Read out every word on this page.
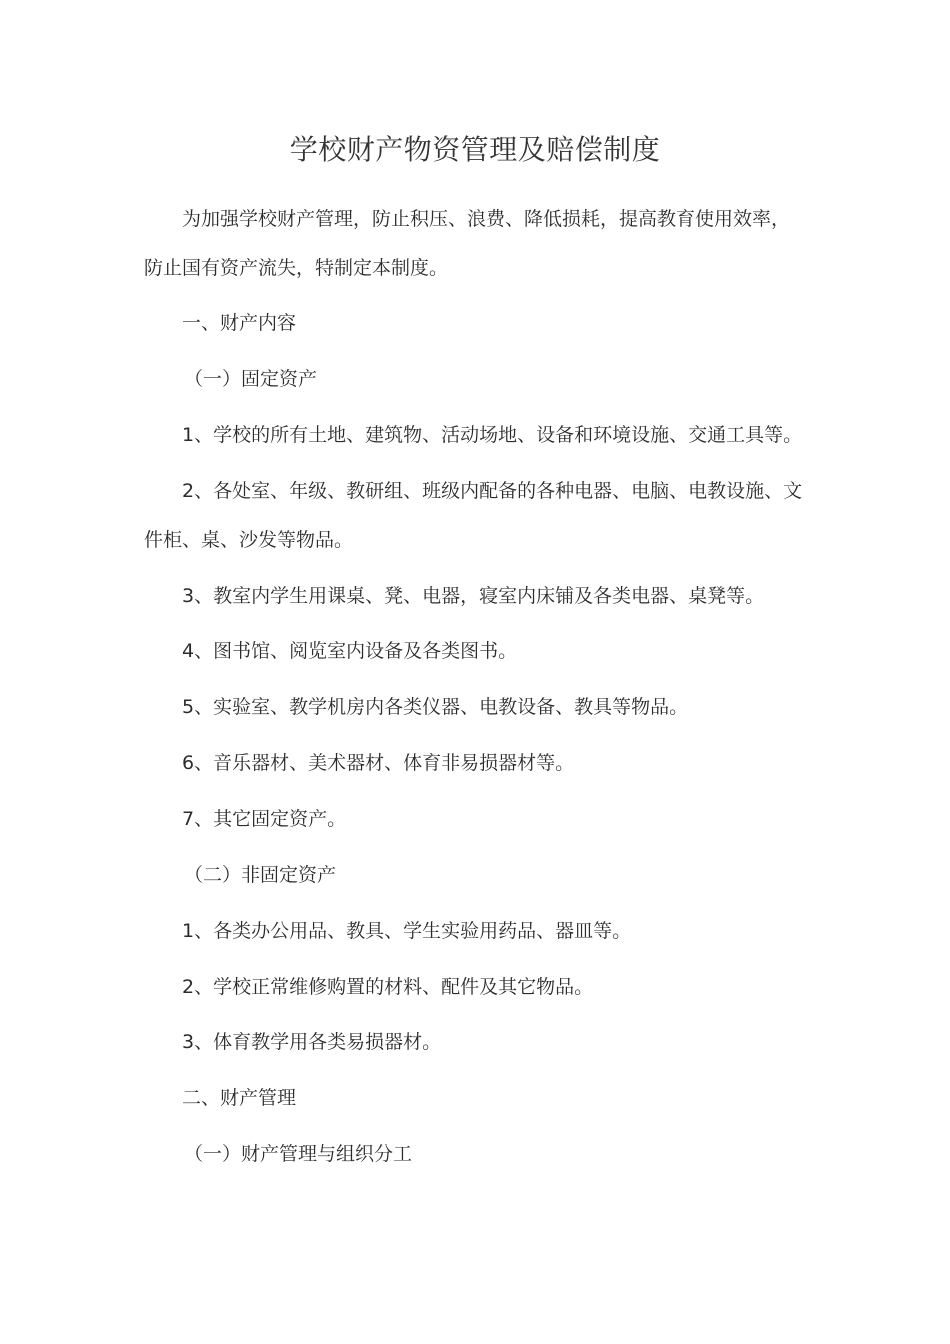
学校财产物资管理及赔偿制度
为加强学校财产管理，防止积压、浪费、降低损耗，提高教育使用效率，
防止国有资产流失，特制定本制度。
一、财产内容
（一）固定资产
1、学校的所有土地、建筑物、活动场地、设备和环境设施、交通工具等。
2、各处室、年级、教研组、班级内配备的各种电器、电脑、电教设施、文
件柜、桌、沙发等物品。
3、教室内学生用课桌、凳、电器，寝室内床铺及各类电器、桌凳等。
4、图书馆、阅览室内设备及各类图书。
5、实验室、教学机房内各类仪器、电教设备、教具等物品。
6、音乐器材、美术器材、体育非易损器材等。
7、其它固定资产。
（二）非固定资产
1、各类办公用品、教具、学生实验用药品、器皿等。
2、学校正常维修购置的材料、配件及其它物品。
3、体育教学用各类易损器材。
二、财产管理
（一）财产管理与组织分工
